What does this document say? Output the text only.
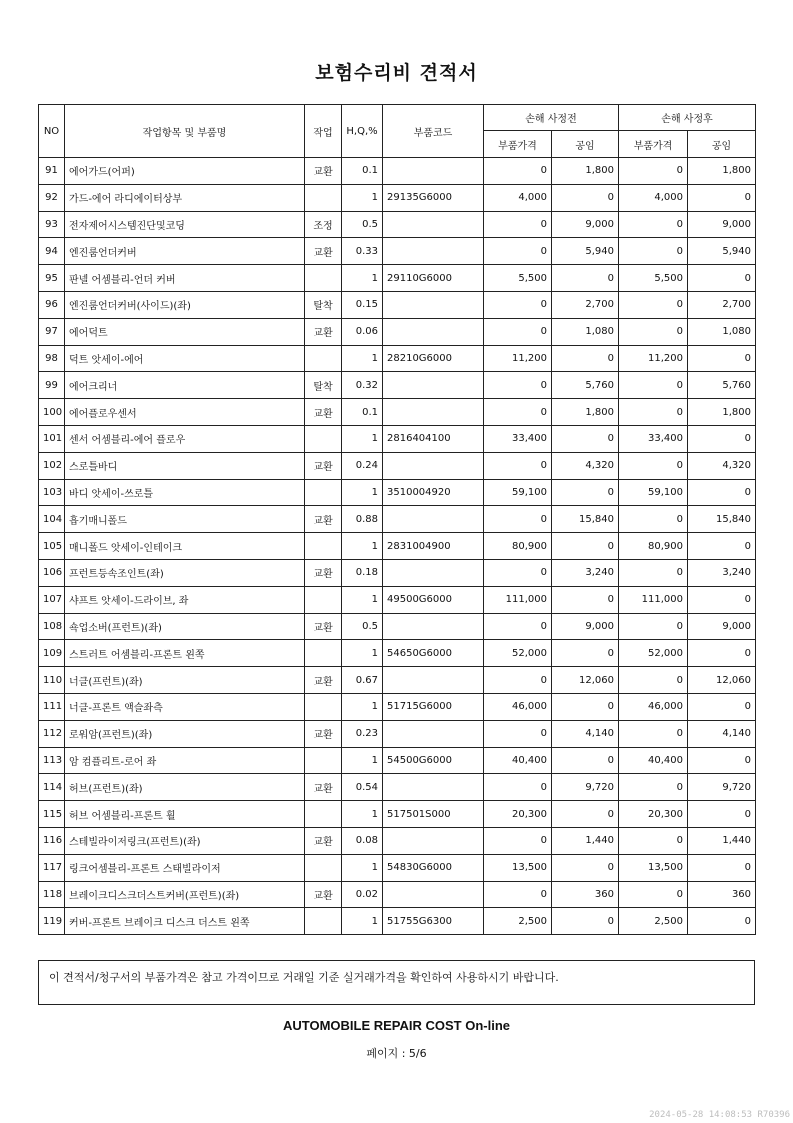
보험수리비 견적서
NO	작업항목 및 부품명	작업	H,Q,%	부품코드	손해 사정전		손해 사정후	
					부품가격	공임	부품가격	공임
91	에어가드(어퍼)	교환	0.1		0	1,800	0	1,800
92	가드-에어 라디에이터상부		1	29135G6000	4,000	0	4,000	0
93	전자제어시스템진단및코딩	조정	0.5		0	9,000	0	9,000
94	엔진룸언더커버	교환	0.33		0	5,940	0	5,940
95	판넬 어셈블리-언더 커버		1	29110G6000	5,500	0	5,500	0
96	엔진룸언더커버(사이드)(좌)	탈착	0.15		0	2,700	0	2,700
97	에어덕트	교환	0.06		0	1,080	0	1,080
98	덕트 앗세이-에어		1	28210G6000	11,200	0	11,200	0
99	에어크리너	탈착	0.32		0	5,760	0	5,760
100	에어플로우센서	교환	0.1		0	1,800	0	1,800
101	센서 어셈블리-에어 플로우		1	2816404100	33,400	0	33,400	0
102	스로틀바디	교환	0.24		0	4,320	0	4,320
103	바디 앗세이-쓰로틀		1	3510004920	59,100	0	59,100	0
104	흡기매니폴드	교환	0.88		0	15,840	0	15,840
105	매니폴드 앗세이-인테이크		1	2831004900	80,900	0	80,900	0
106	프런트등속조인트(좌)	교환	0.18		0	3,240	0	3,240
107	샤프트 앗세이-드라이브, 좌		1	49500G6000	111,000	0	111,000	0
108	쇽업소버(프런트)(좌)	교환	0.5		0	9,000	0	9,000
109	스트러트 어셈블리-프론트 왼쪽		1	54650G6000	52,000	0	52,000	0
110	너클(프런트)(좌)	교환	0.67		0	12,060	0	12,060
111	너클-프론트 액슬좌측		1	51715G6000	46,000	0	46,000	0
112	로워암(프런트)(좌)	교환	0.23		0	4,140	0	4,140
113	암 컴플리트-로어 좌		1	54500G6000	40,400	0	40,400	0
114	허브(프런트)(좌)	교환	0.54		0	9,720	0	9,720
115	허브 어셈블리-프론트 휠		1	517501S000	20,300	0	20,300	0
116	스테빌라이저링크(프런트)(좌)	교환	0.08		0	1,440	0	1,440
117	링크어셈블리-프론트 스태빌라이저		1	54830G6000	13,500	0	13,500	0
118	브레이크디스크더스트커버(프런트)(좌)	교환	0.02		0	360	0	360
119	커버-프론트 브레이크 디스크 더스트 왼쪽		1	51755G6300	2,500	0	2,500	0
이 견적서/청구서의 부품가격은 참고 가격이므로 거래일 기준 실거래가격을 확인하여 사용하시기 바랍니다.
AUTOMOBILE REPAIR COST On-line
페이지 : 5/6
2024-05-28 14:08:53 R70396
